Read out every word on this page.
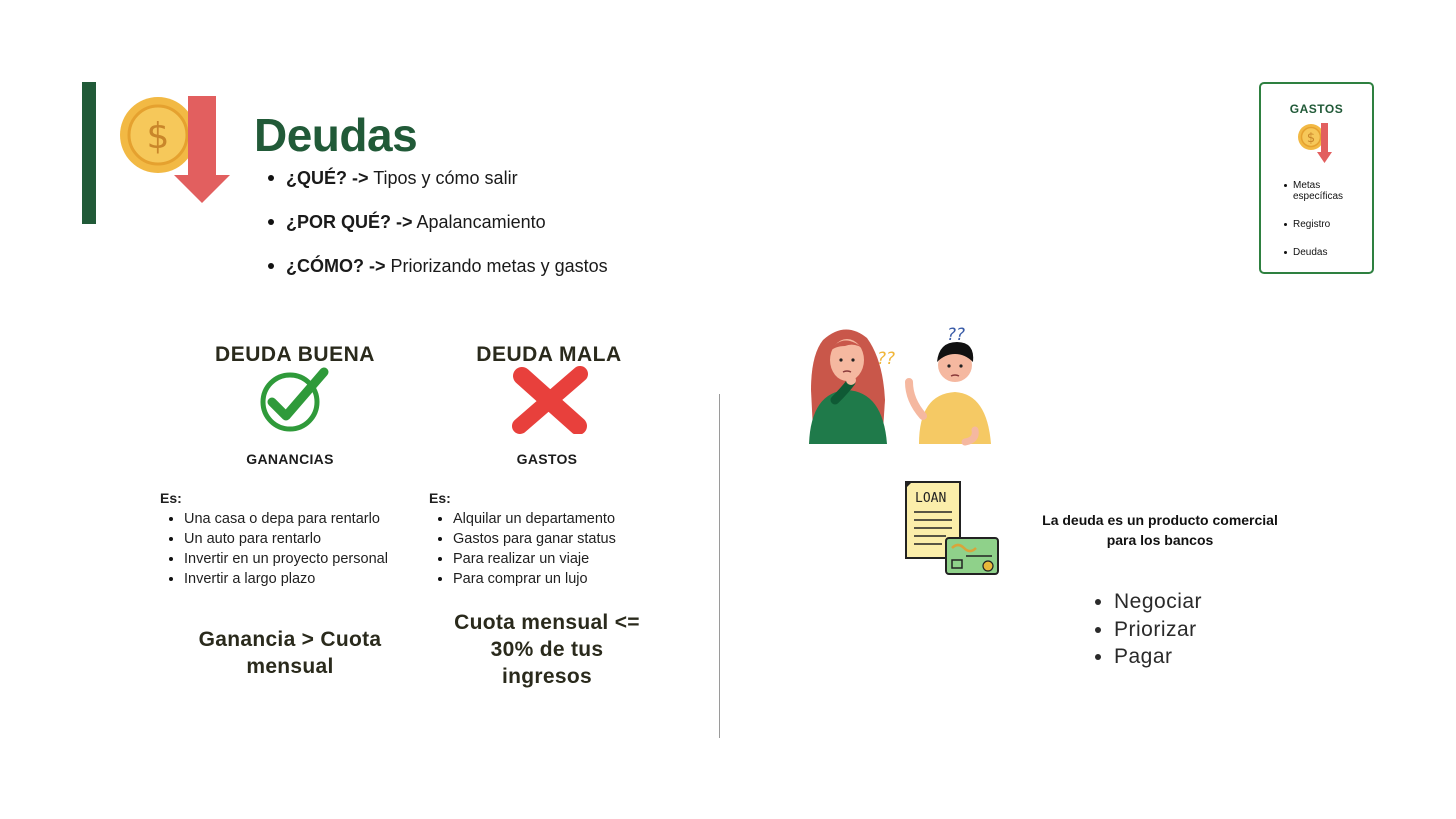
$ Deudas
¿QUÉ? -> Tipos y cómo salir
¿POR QUÉ? -> Apalancamiento
¿CÓMO? -> Priorizando metas y gastos
GASTOS
$
Metas específicas
Registro
Deudas
DEUDA BUENA
GANANCIAS
Es:
Una casa o depa para rentarlo
Un auto para rentarlo
Invertir en un proyecto personal
Invertir a largo plazo
Ganancia > Cuota
mensual
DEUDA MALA
GASTOS
Es:
Alquilar un departamento
Gastos para ganar status
Para realizar un viaje
Para comprar un lujo
Cuota mensual <=
30% de tus
ingresos
??
??
LOAN
La deuda es un producto comercial
para los bancos
Negociar
Priorizar
Pagar
